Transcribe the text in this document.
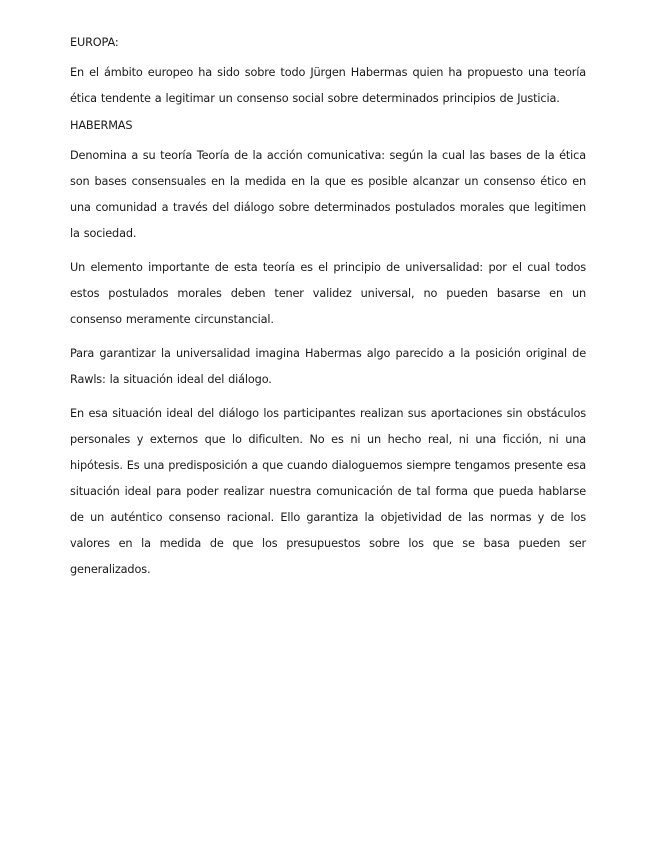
EUROPA:

En el ámbito europeo ha sido sobre todo Jürgen Habermas quien ha propuesto una teoría ética tendente a legitimar un consenso social sobre determinados principios de Justicia.

HABERMAS

Denomina a su teoría Teoría de la acción comunicativa: según la cual las bases de la ética son bases consensuales en la medida en la que es posible alcanzar un consenso ético en una comunidad a través del diálogo sobre determinados postulados morales que legitimen la sociedad.

Un elemento importante de esta teoría es el principio de universalidad: por el cual todos estos postulados morales deben tener validez universal, no pueden basarse en un consenso meramente circunstancial.

Para garantizar la universalidad imagina Habermas algo parecido a la posición original de Rawls: la situación ideal del diálogo.

En esa situación ideal del diálogo los participantes realizan sus aportaciones sin obstáculos personales y externos que lo dificulten. No es ni un hecho real, ni una ficción, ni una hipótesis. Es una predisposición a que cuando dialoguemos siempre tengamos presente esa situación ideal para poder realizar nuestra comunicación de tal forma que pueda hablarse de un auténtico consenso racional. Ello garantiza la objetividad de las normas y de los valores en la medida de que los presupuestos sobre los que se basa pueden ser generalizados.
